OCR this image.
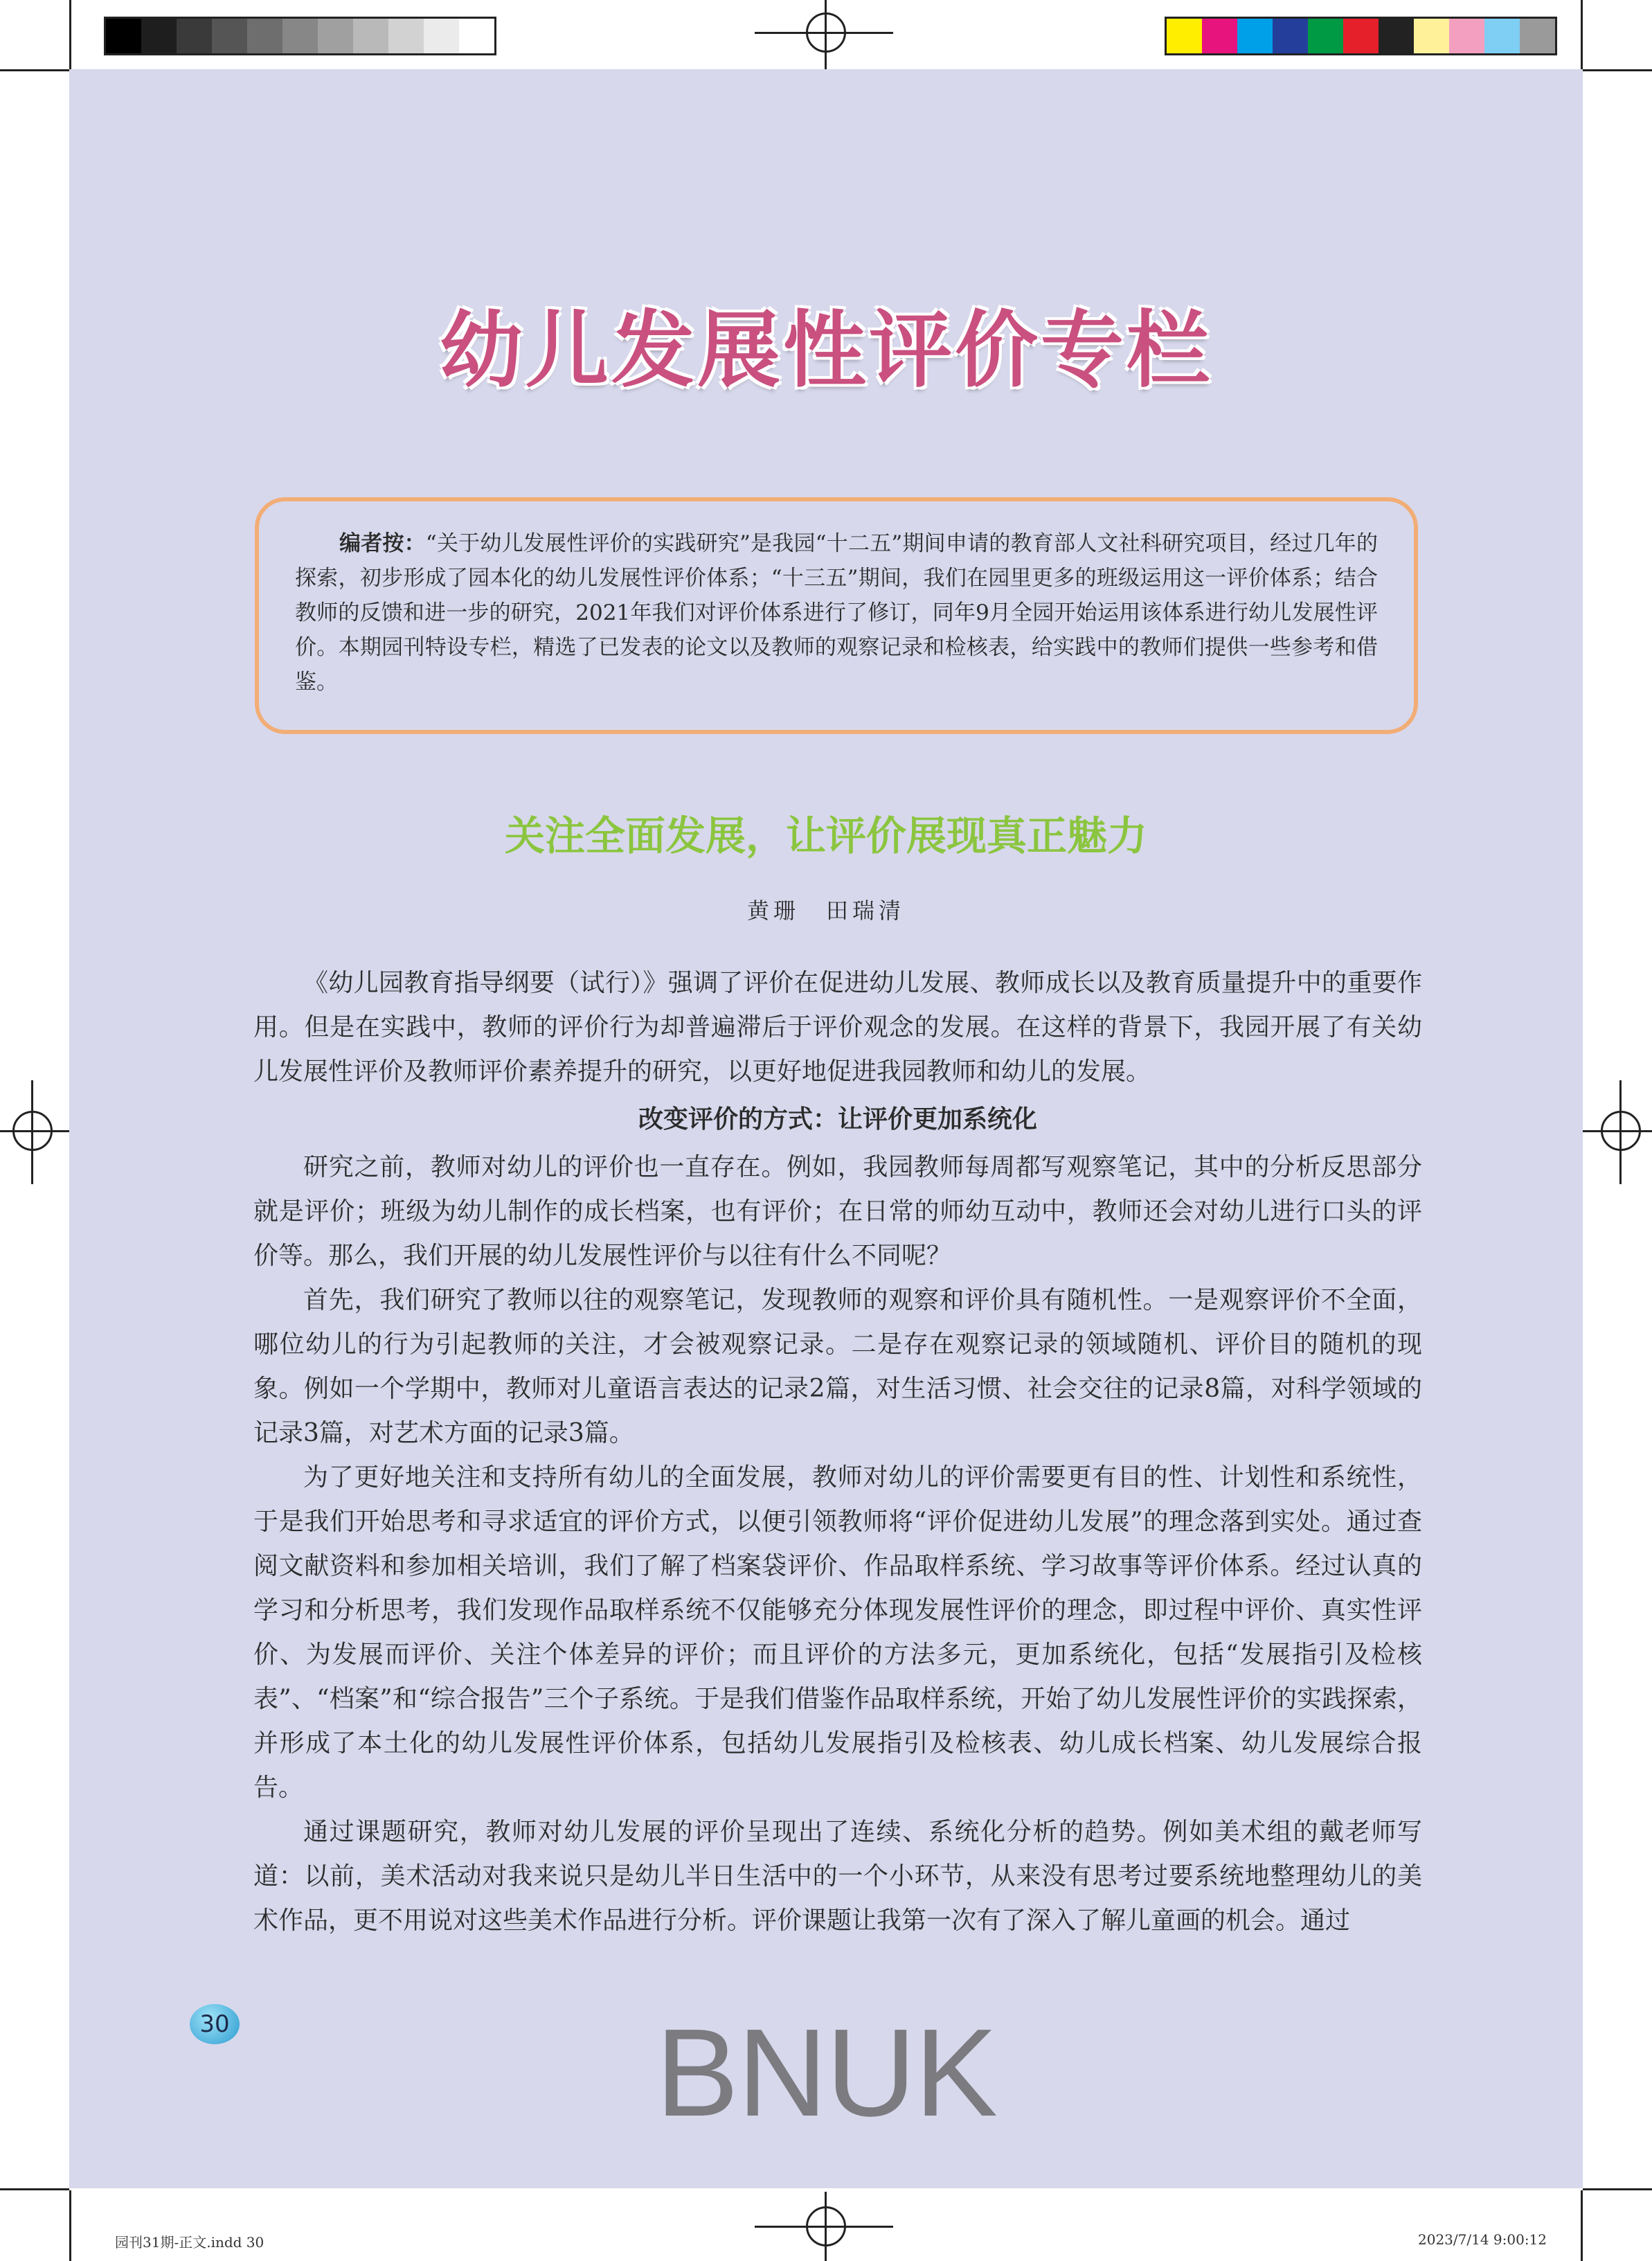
幼儿发展性评价专栏
编者按：“关于幼儿发展性评价的实践研究”是我园“十二五”期间申请的教育部人文社科研究项目，经过几年的探索，初步形成了园本化的幼儿发展性评价体系；“十三五”期间，我们在园里更多的班级运用这一评价体系；结合教师的反馈和进一步的研究，2021年我们对评价体系进行了修订，同年9月全园开始运用该体系进行幼儿发展性评价。本期园刊特设专栏，精选了已发表的论文以及教师的观察记录和检核表，给实践中的教师们提供一些参考和借鉴。
关注全面发展，让评价展现真正魅力
黄珊　田瑞清

《幼儿园教育指导纲要（试行）》强调了评价在促进幼儿发展、教师成长以及教育质量提升中的重要作用。但是在实践中，教师的评价行为却普遍滞后于评价观念的发展。在这样的背景下，我园开展了有关幼儿发展性评价及教师评价素养提升的研究，以更好地促进我园教师和幼儿的发展。

改变评价的方式：让评价更加系统化

研究之前，教师对幼儿的评价也一直存在。例如，我园教师每周都写观察笔记，其中的分析反思部分就是评价；班级为幼儿制作的成长档案，也有评价；在日常的师幼互动中，教师还会对幼儿进行口头的评价等。那么，我们开展的幼儿发展性评价与以往有什么不同呢？

首先，我们研究了教师以往的观察笔记，发现教师的观察和评价具有随机性。一是观察评价不全面，哪位幼儿的行为引起教师的关注，才会被观察记录。二是存在观察记录的领域随机、评价目的随机的现象。例如一个学期中，教师对儿童语言表达的记录2篇，对生活习惯、社会交往的记录8篇，对科学领域的记录3篇，对艺术方面的记录3篇。

为了更好地关注和支持所有幼儿的全面发展，教师对幼儿的评价需要更有目的性、计划性和系统性，于是我们开始思考和寻求适宜的评价方式，以便引领教师将“评价促进幼儿发展”的理念落到实处。通过查阅文献资料和参加相关培训，我们了解了档案袋评价、作品取样系统、学习故事等评价体系。经过认真的学习和分析思考，我们发现作品取样系统不仅能够充分体现发展性评价的理念，即过程中评价、真实性评价、为发展而评价、关注个体差异的评价；而且评价的方法多元，更加系统化，包括“发展指引及检核表”、“档案”和“综合报告”三个子系统。于是我们借鉴作品取样系统，开始了幼儿发展性评价的实践探索，并形成了本土化的幼儿发展性评价体系，包括幼儿发展指引及检核表、幼儿成长档案、幼儿发展综合报告。

通过课题研究，教师对幼儿发展的评价呈现出了连续、系统化分析的趋势。例如美术组的戴老师写道：以前，美术活动对我来说只是幼儿半日生活中的一个小环节，从来没有思考过要系统地整理幼儿的美术作品，更不用说对这些美术作品进行分析。评价课题让我第一次有了深入了解儿童画的机会。通过

30	BNUK
园刊31期-正文.indd 30	2023/7/14 9:00:12
